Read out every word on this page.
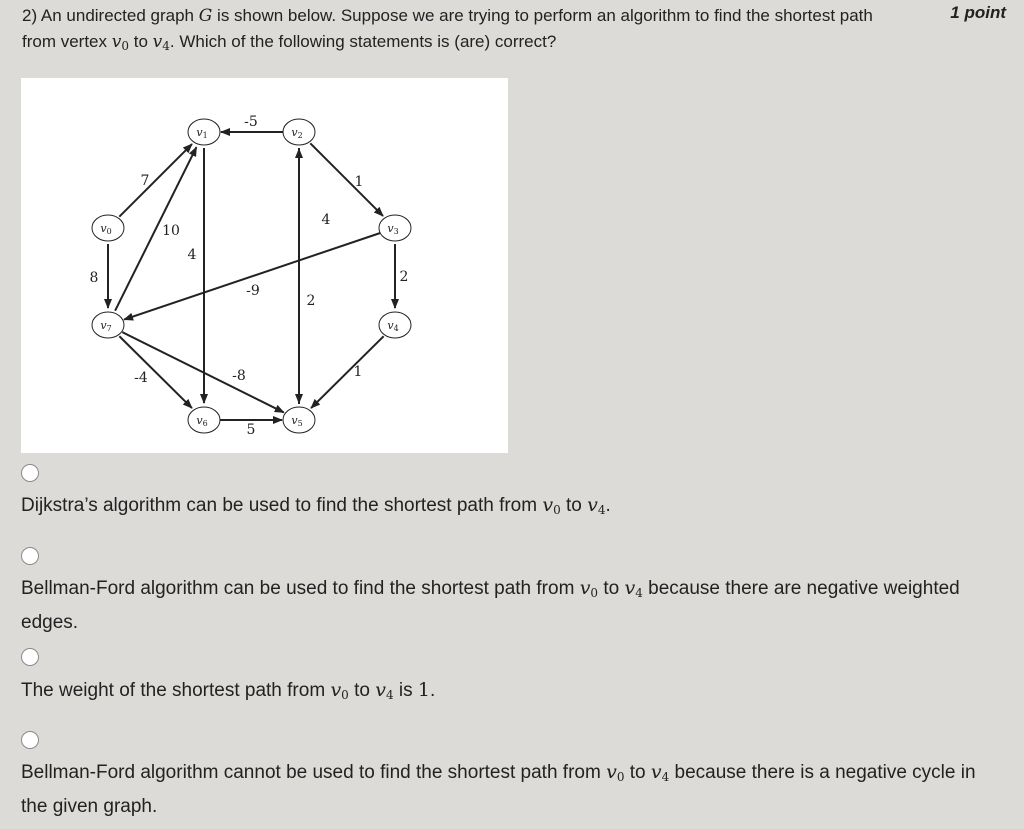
2) An undirected graph G is shown below. Suppose we are trying to perform an algorithm to find the shortest path
from vertex $v_0$ to $v_4$. Which of the following statements is (are) correct?
1 point
v0
v1	v2
v3
v4
v5
v6
v7
7
10
-5
4
1
4
-9
8	2
1
-4	-8
5
2
Dijkstra’s algorithm can be used to find the shortest path from $v_0$ to $v_4$.
Bellman-Ford algorithm can be used to find the shortest path from $v_0$ to $v_4$ because there are negative weighted edges.
The weight of the shortest path from $v_0$ to $v_4$ is 1.
Bellman-Ford algorithm cannot be used to find the shortest path from $v_0$ to $v_4$ because there is a negative cycle in the given graph.
